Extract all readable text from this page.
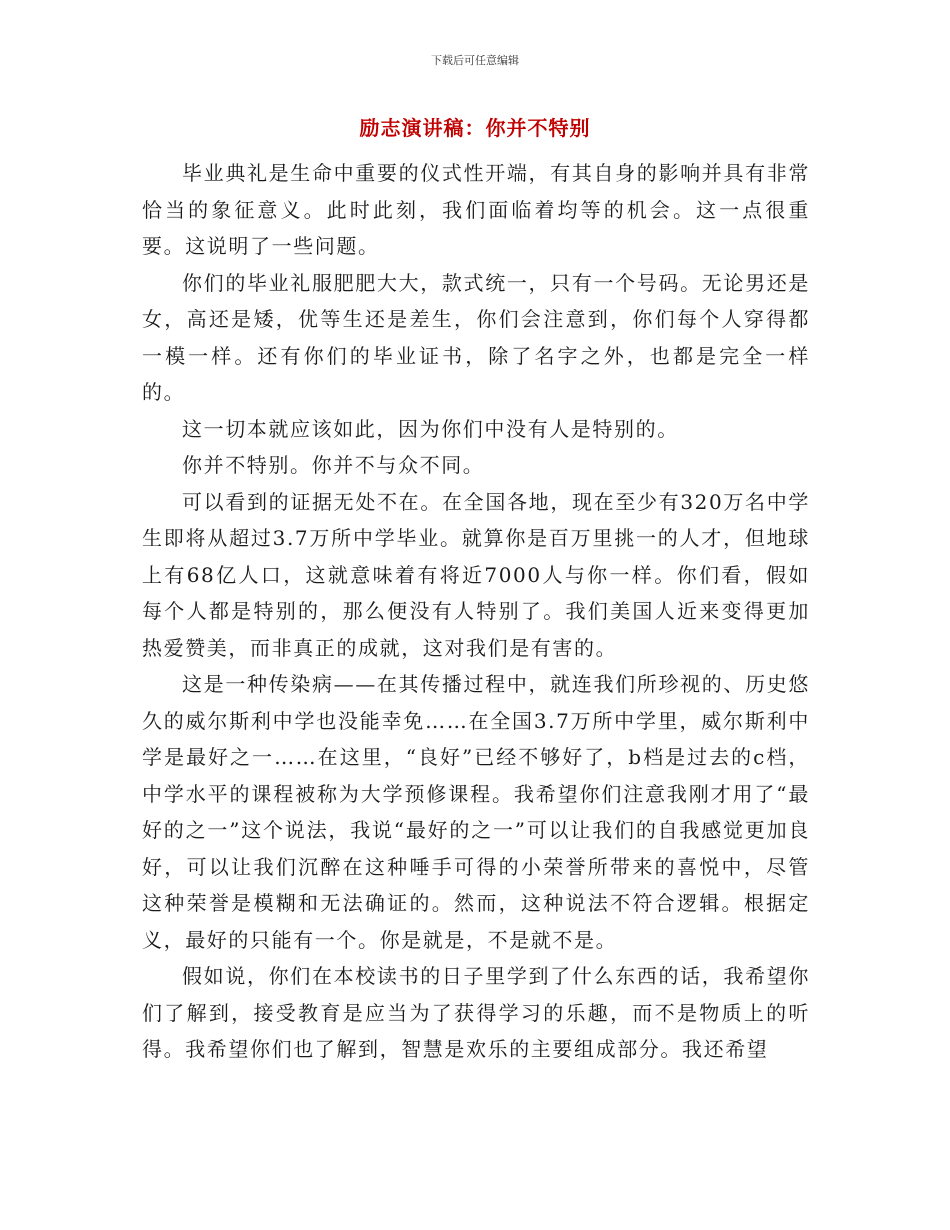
下载后可任意编辑
励志演讲稿：你并不特别

毕业典礼是生命中重要的仪式性开端，有其自身的影响并具有非常恰当的象征意义。此时此刻，我们面临着均等的机会。这一点很重要。这说明了一些问题。

你们的毕业礼服肥肥大大，款式统一，只有一个号码。无论男还是女，高还是矮，优等生还是差生，你们会注意到，你们每个人穿得都一模一样。还有你们的毕业证书，除了名字之外，也都是完全一样的。

这一切本就应该如此，因为你们中没有人是特别的。

你并不特别。你并不与众不同。

可以看到的证据无处不在。在全国各地，现在至少有320万名中学生即将从超过3.7万所中学毕业。就算你是百万里挑一的人才，但地球上有68亿人口，这就意味着有将近7000人与你一样。你们看，假如每个人都是特别的，那么便没有人特别了。我们美国人近来变得更加热爱赞美，而非真正的成就，这对我们是有害的。

这是一种传染病——在其传播过程中，就连我们所珍视的、历史悠久的威尔斯利中学也没能幸免……在全国3.7万所中学里，威尔斯利中学是最好之一……在这里，“良好”已经不够好了，b档是过去的c档，中学水平的课程被称为大学预修课程。我希望你们注意我刚才用了“最好的之一”这个说法，我说“最好的之一”可以让我们的自我感觉更加良好，可以让我们沉醉在这种唾手可得的小荣誉所带来的喜悦中，尽管这种荣誉是模糊和无法确证的。然而，这种说法不符合逻辑。根据定义，最好的只能有一个。你是就是，不是就不是。

假如说，你们在本校读书的日子里学到了什么东西的话，我希望你们了解到，接受教育是应当为了获得学习的乐趣，而不是物质上的听得。我希望你们也了解到，智慧是欢乐的主要组成部分。我还希望
